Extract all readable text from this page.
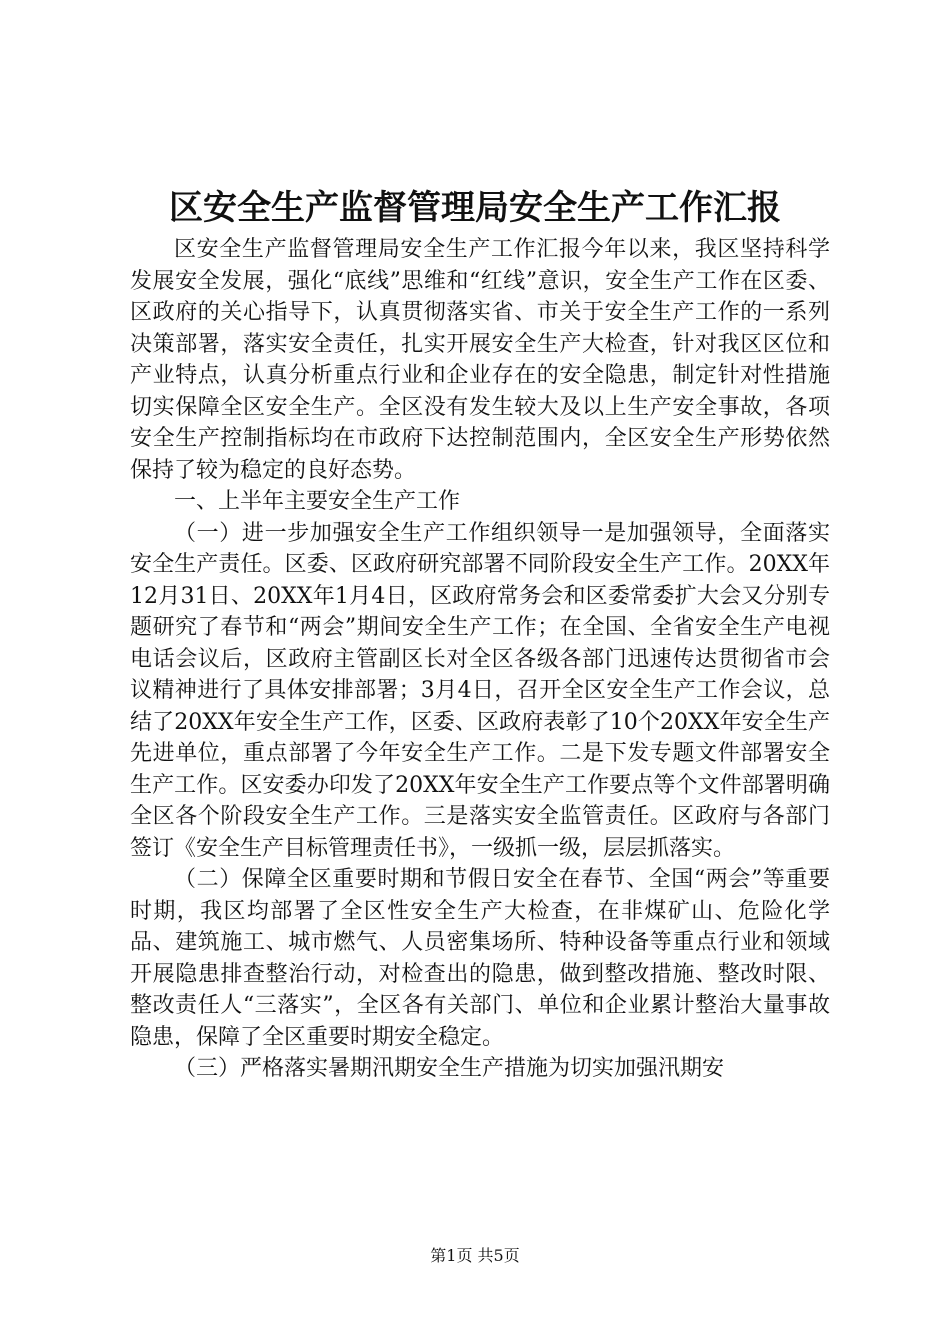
区安全生产监督管理局安全生产工作汇报

区安全生产监督管理局安全生产工作汇报今年以来，我区坚持科学发展安全发展，强化“底线”思维和“红线”意识，安全生产工作在区委、区政府的关心指导下，认真贯彻落实省、市关于安全生产工作的一系列决策部署，落实安全责任，扎实开展安全生产大检查，针对我区区位和产业特点，认真分析重点行业和企业存在的安全隐患，制定针对性措施切实保障全区安全生产。全区没有发生较大及以上生产安全事故，各项安全生产控制指标均在市政府下达控制范围内，全区安全生产形势依然保持了较为稳定的良好态势。

一、上半年主要安全生产工作

（一）进一步加强安全生产工作组织领导一是加强领导，全面落实安全生产责任。区委、区政府研究部署不同阶段安全生产工作。20XX年12月31日、20XX年1月4日，区政府常务会和区委常委扩大会又分别专题研究了春节和“两会”期间安全生产工作；在全国、全省安全生产电视电话会议后，区政府主管副区长对全区各级各部门迅速传达贯彻省市会议精神进行了具体安排部署；3月4日，召开全区安全生产工作会议，总结了20XX年安全生产工作，区委、区政府表彰了10个20XX年安全生产先进单位，重点部署了今年安全生产工作。二是下发专题文件部署安全生产工作。区安委办印发了20XX年安全生产工作要点等个文件部署明确全区各个阶段安全生产工作。三是落实安全监管责任。区政府与各部门签订《安全生产目标管理责任书》，一级抓一级，层层抓落实。

（二）保障全区重要时期和节假日安全在春节、全国“两会”等重要时期，我区均部署了全区性安全生产大检查，在非煤矿山、危险化学品、建筑施工、城市燃气、人员密集场所、特种设备等重点行业和领域开展隐患排查整治行动，对检查出的隐患，做到整改措施、整改时限、整改责任人“三落实”，全区各有关部门、单位和企业累计整治大量事故隐患，保障了全区重要时期安全稳定。

（三）严格落实暑期汛期安全生产措施为切实加强汛期安

第1页 共5页
